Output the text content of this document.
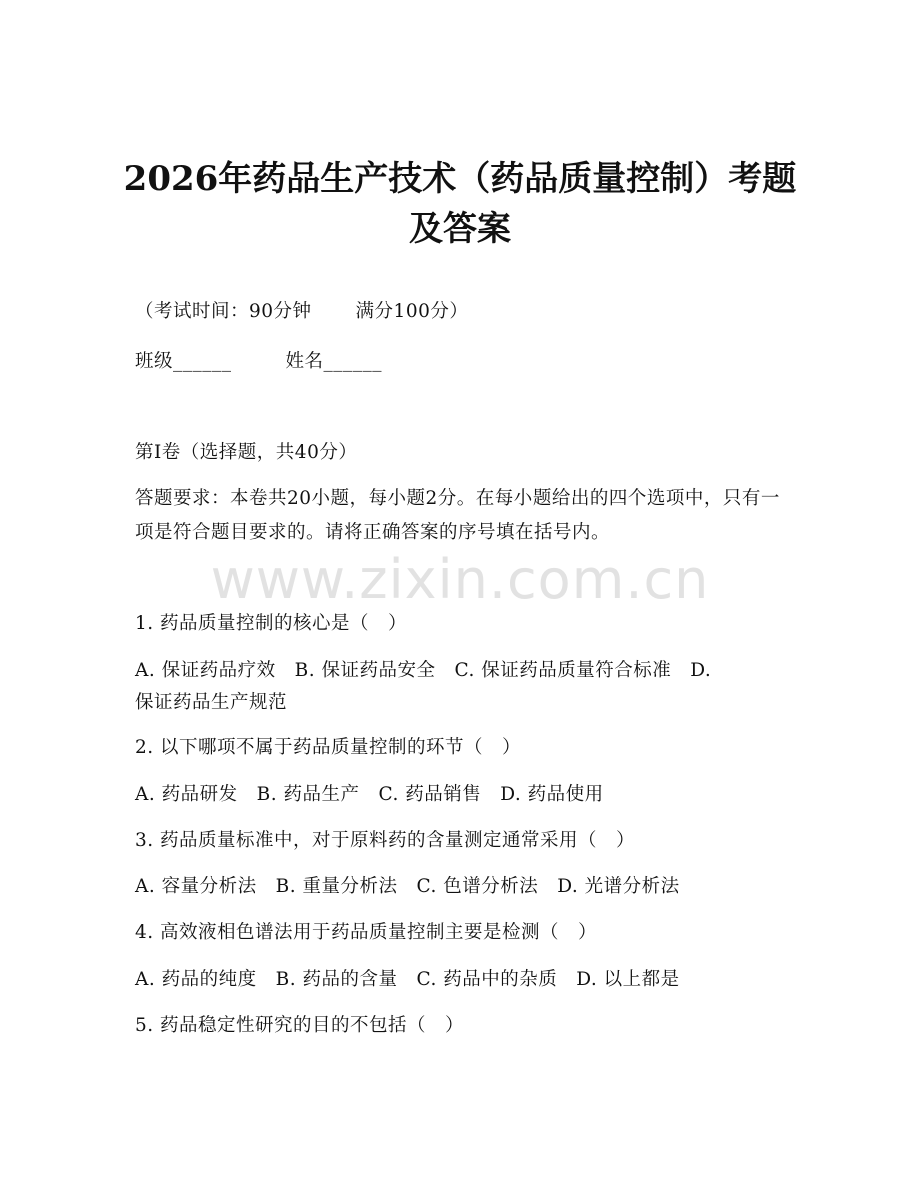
2026年药品生产技术（药品质量控制）考题
及答案
（考试时间：90分钟 满分100分）
班级______	姓名______
第I卷（选择题，共40分）
答题要求：本卷共20小题，每小题2分。在每小题给出的四个选项中，只有一项是符合题目要求的。请将正确答案的序号填在括号内。
www.zixin.com.cn
1. 药品质量控制的核心是（　）
A. 保证药品疗效　B. 保证药品安全　C. 保证药品质量符合标准　D.
保证药品生产规范
2. 以下哪项不属于药品质量控制的环节（　）
A. 药品研发　B. 药品生产　C. 药品销售　D. 药品使用
3. 药品质量标准中，对于原料药的含量测定通常采用（　）
A. 容量分析法　B. 重量分析法　C. 色谱分析法　D. 光谱分析法
4. 高效液相色谱法用于药品质量控制主要是检测（　）
A. 药品的纯度　B. 药品的含量　C. 药品中的杂质　D. 以上都是
5. 药品稳定性研究的目的不包括（　）
